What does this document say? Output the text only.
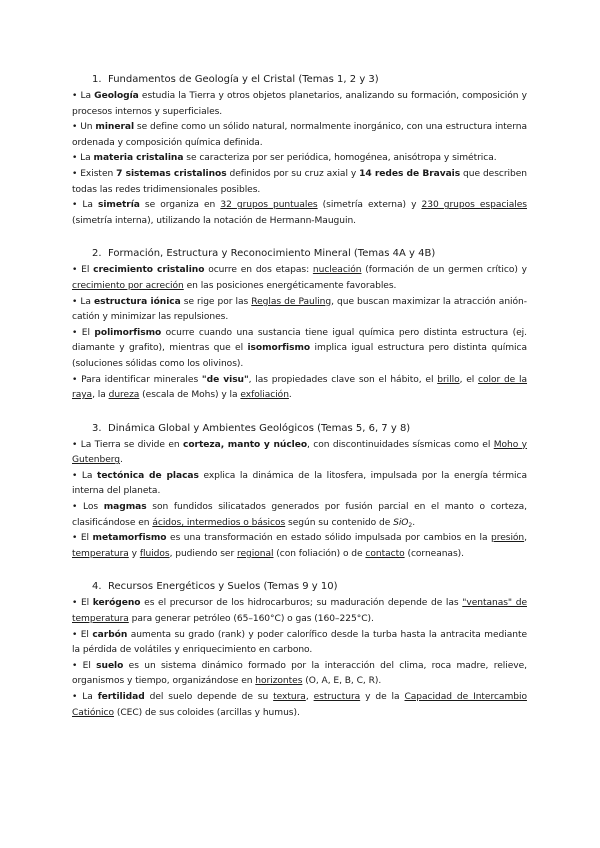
1. Fundamentos de Geología y el Cristal (Temas 1, 2 y 3)

• La Geología estudia la Tierra y otros objetos planetarios, analizando su formación, composición y procesos internos y superficiales.

• Un mineral se define como un sólido natural, normalmente inorgánico, con una estructura interna ordenada y composición química definida.

• La materia cristalina se caracteriza por ser periódica, homogénea, anisótropa y simétrica.

• Existen 7 sistemas cristalinos definidos por su cruz axial y 14 redes de Bravais que describen todas las redes tridimensionales posibles.

• La simetría se organiza en 32 grupos puntuales (simetría externa) y 230 grupos espaciales (simetría interna), utilizando la notación de Hermann-Mauguin.

2. Formación, Estructura y Reconocimiento Mineral (Temas 4A y 4B)

• El crecimiento cristalino ocurre en dos etapas: nucleación (formación de un germen crítico) y crecimiento por acreción en las posiciones energéticamente favorables.

• La estructura iónica se rige por las Reglas de Pauling, que buscan maximizar la atracción anión-catión y minimizar las repulsiones.

• El polimorfismo ocurre cuando una sustancia tiene igual química pero distinta estructura (ej. diamante y grafito), mientras que el isomorfismo implica igual estructura pero distinta química (soluciones sólidas como los olivinos).

• Para identificar minerales "de visu", las propiedades clave son el hábito, el brillo, el color de la raya, la dureza (escala de Mohs) y la exfoliación.

3. Dinámica Global y Ambientes Geológicos (Temas 5, 6, 7 y 8)

• La Tierra se divide en corteza, manto y núcleo, con discontinuidades sísmicas como el Moho y Gutenberg.

• La tectónica de placas explica la dinámica de la litosfera, impulsada por la energía térmica interna del planeta.

• Los magmas son fundidos silicatados generados por fusión parcial en el manto o corteza, clasificándose en ácidos, intermedios o básicos según su contenido de SiO$_2$.

• El metamorfismo es una transformación en estado sólido impulsada por cambios en la presión, temperatura y fluidos, pudiendo ser regional (con foliación) o de contacto (corneanas).

4. Recursos Energéticos y Suelos (Temas 9 y 10)

• El kerógeno es el precursor de los hidrocarburos; su maduración depende de las "ventanas" de temperatura para generar petróleo (65–160°C) o gas (160–225°C).

• El carbón aumenta su grado (rank) y poder calorífico desde la turba hasta la antracita mediante la pérdida de volátiles y enriquecimiento en carbono.

• El suelo es un sistema dinámico formado por la interacción del clima, roca madre, relieve, organismos y tiempo, organizándose en horizontes (O, A, E, B, C, R).

• La fertilidad del suelo depende de su textura, estructura y de la Capacidad de Intercambio Catiónico (CEC) de sus coloides (arcillas y humus).
